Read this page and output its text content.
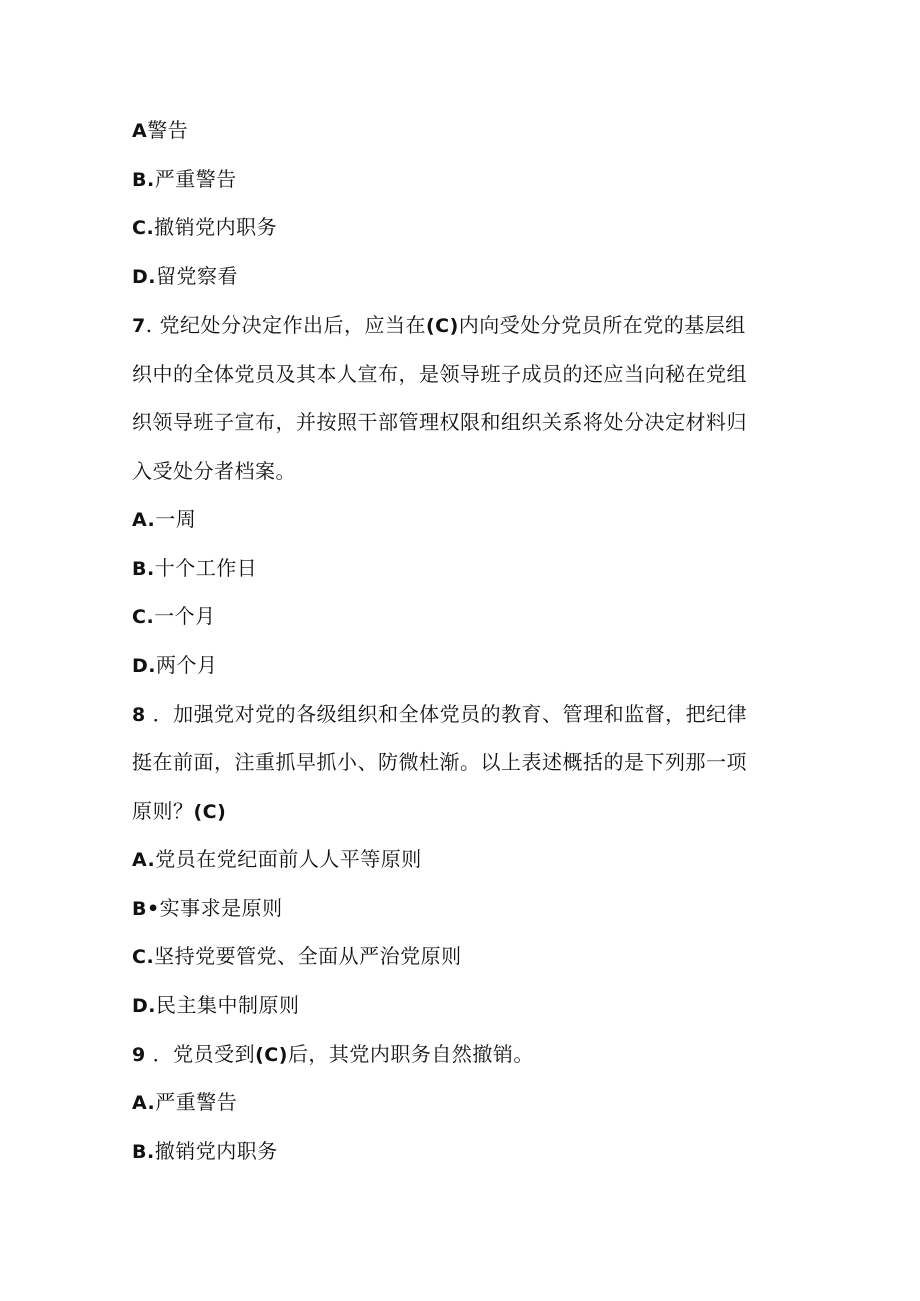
A警告
B.严重警告
C.撤销党内职务
D.留党察看
7. 党纪处分决定作出后，应当在(C)内向受处分党员所在党的基层组
织中的全体党员及其本人宣布，是领导班子成员的还应当向秘在党组
织领导班子宣布，并按照干部管理权限和组织关系将处分决定材料归
入受处分者档案。
A.一周
B.十个工作日
C.一个月
D.两个月
8 ．加强党对党的各级组织和全体党员的教育、管理和监督，把纪律
挺在前面，注重抓早抓小、防微杜渐。以上表述概括的是下列那一项
原则？(C)
A.党员在党纪面前人人平等原则
B•实事求是原则
C.坚持党要管党、全面从严治党原则
D.民主集中制原则
9 ．党员受到(C)后，其党内职务自然撤销。
A.严重警告
B.撤销党内职务
